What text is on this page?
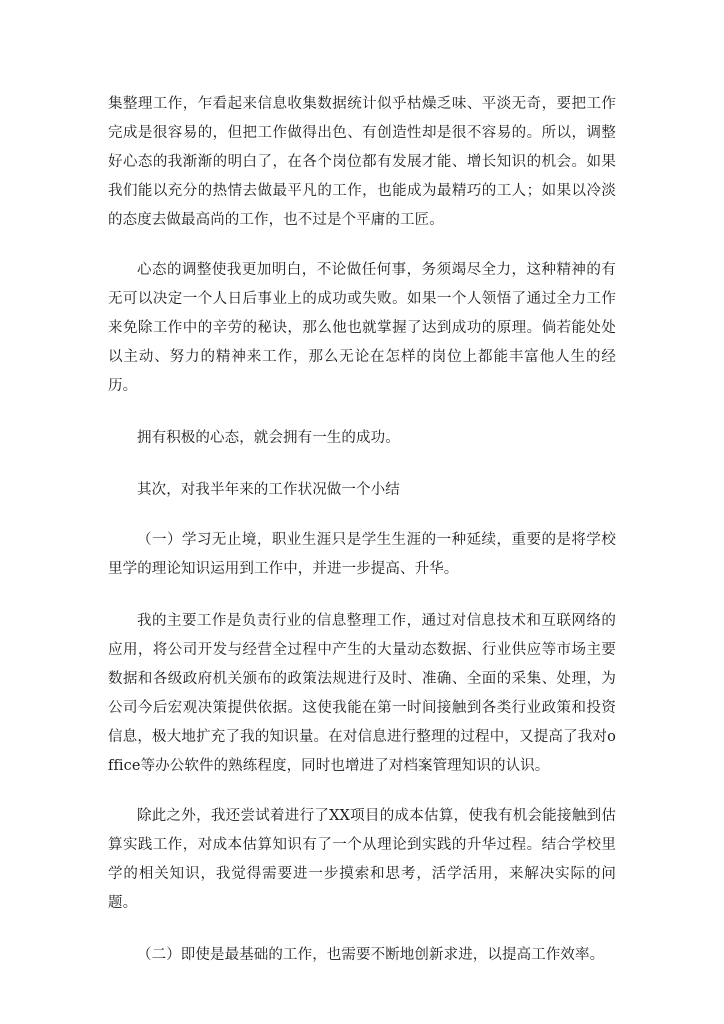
集整理工作，乍看起来信息收集数据统计似乎枯燥乏味、平淡无奇，要把工作完成是很容易的，但把工作做得出色、有创造性却是很不容易的。所以，调整好心态的我渐渐的明白了，在各个岗位都有发展才能、增长知识的机会。如果我们能以充分的热情去做最平凡的工作，也能成为最精巧的工人；如果以冷淡的态度去做最高尚的工作，也不过是个平庸的工匠。

心态的调整使我更加明白，不论做任何事，务须竭尽全力，这种精神的有无可以决定一个人日后事业上的成功或失败。如果一个人领悟了通过全力工作来免除工作中的辛劳的秘诀，那么他也就掌握了达到成功的原理。倘若能处处以主动、努力的精神来工作，那么无论在怎样的岗位上都能丰富他人生的经历。

拥有积极的心态，就会拥有一生的成功。

其次，对我半年来的工作状况做一个小结

（一）学习无止境，职业生涯只是学生生涯的一种延续，重要的是将学校里学的理论知识运用到工作中，并进一步提高、升华。

我的主要工作是负责行业的信息整理工作，通过对信息技术和互联网络的应用，将公司开发与经营全过程中产生的大量动态数据、行业供应等市场主要数据和各级政府机关颁布的政策法规进行及时、准确、全面的采集、处理，为公司今后宏观决策提供依据。这使我能在第一时间接触到各类行业政策和投资信息，极大地扩充了我的知识量。在对信息进行整理的过程中，又提高了我对office等办公软件的熟练程度，同时也增进了对档案管理知识的认识。

除此之外，我还尝试着进行了XX项目的成本估算，使我有机会能接触到估算实践工作，对成本估算知识有了一个从理论到实践的升华过程。结合学校里学的相关知识，我觉得需要进一步摸索和思考，活学活用，来解决实际的问题。

（二）即使是最基础的工作，也需要不断地创新求进，以提高工作效率。
